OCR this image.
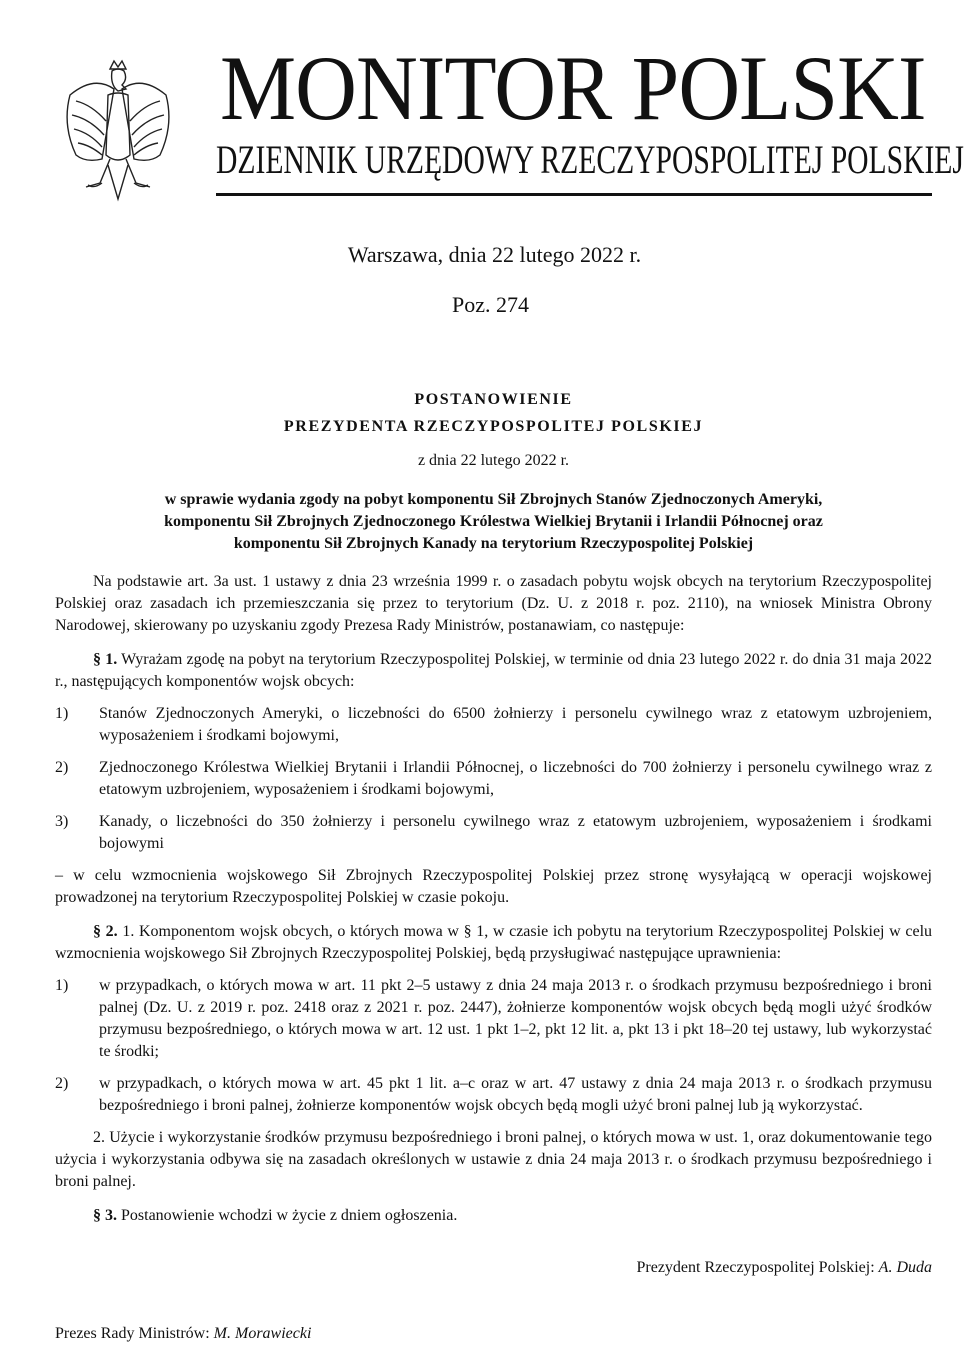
MONITOR POLSKI
DZIENNIK URZĘDOWY RZECZYPOSPOLITEJ POLSKIEJ
Warszawa, dnia 22 lutego 2022 r.
Poz. 274
POSTANOWIENIE
PREZYDENTA RZECZYPOSPOLITEJ POLSKIEJ
z dnia 22 lutego 2022 r.
w sprawie wydania zgody na pobyt komponentu Sił Zbrojnych Stanów Zjednoczonych Ameryki, komponentu Sił Zbrojnych Zjednoczonego Królestwa Wielkiej Brytanii i Irlandii Północnej oraz komponentu Sił Zbrojnych Kanady na terytorium Rzeczypospolitej Polskiej

Na podstawie art. 3a ust. 1 ustawy z dnia 23 września 1999 r. o zasadach pobytu wojsk obcych na terytorium Rzeczypospolitej Polskiej oraz zasadach ich przemieszczania się przez to terytorium (Dz. U. z 2018 r. poz. 2110), na wniosek Ministra Obrony Narodowej, skierowany po uzyskaniu zgody Prezesa Rady Ministrów, postanawiam, co następuje:

§ 1. Wyrażam zgodę na pobyt na terytorium Rzeczypospolitej Polskiej, w terminie od dnia 23 lutego 2022 r. do dnia 31 maja 2022 r., następujących komponentów wojsk obcych:

1)	Stanów Zjednoczonych Ameryki, o liczebności do 6500 żołnierzy i personelu cywilnego wraz z etatowym uzbrojeniem, wyposażeniem i środkami bojowymi,
2)	Zjednoczonego Królestwa Wielkiej Brytanii i Irlandii Północnej, o liczebności do 700 żołnierzy i personelu cywilnego wraz z etatowym uzbrojeniem, wyposażeniem i środkami bojowymi,
3)	Kanady, o liczebności do 350 żołnierzy i personelu cywilnego wraz z etatowym uzbrojeniem, wyposażeniem i środkami bojowymi

– w celu wzmocnienia wojskowego Sił Zbrojnych Rzeczypospolitej Polskiej przez stronę wysyłającą w operacji wojskowej prowadzonej na terytorium Rzeczypospolitej Polskiej w czasie pokoju.

§ 2. 1. Komponentom wojsk obcych, o których mowa w § 1, w czasie ich pobytu na terytorium Rzeczypospolitej Polskiej w celu wzmocnienia wojskowego Sił Zbrojnych Rzeczypospolitej Polskiej, będą przysługiwać następujące uprawnienia:

1)	w przypadkach, o których mowa w art. 11 pkt 2–5 ustawy z dnia 24 maja 2013 r. o środkach przymusu bezpośredniego i broni palnej (Dz. U. z 2019 r. poz. 2418 oraz z 2021 r. poz. 2447), żołnierze komponentów wojsk obcych będą mogli użyć środków przymusu bezpośredniego, o których mowa w art. 12 ust. 1 pkt 1–2, pkt 12 lit. a, pkt 13 i pkt 18–20 tej ustawy, lub wykorzystać te środki;
2)	w przypadkach, o których mowa w art. 45 pkt 1 lit. a–c oraz w art. 47 ustawy z dnia 24 maja 2013 r. o środkach przymusu bezpośredniego i broni palnej, żołnierze komponentów wojsk obcych będą mogli użyć broni palnej lub ją wykorzystać.

2. Użycie i wykorzystanie środków przymusu bezpośredniego i broni palnej, o których mowa w ust. 1, oraz dokumentowanie tego użycia i wykorzystania odbywa się na zasadach określonych w ustawie z dnia 24 maja 2013 r. o środkach przymusu bezpośredniego i broni palnej.

§ 3. Postanowienie wchodzi w życie z dniem ogłoszenia.

Prezydent Rzeczypospolitej Polskiej: A. Duda

Prezes Rady Ministrów: M. Morawiecki
